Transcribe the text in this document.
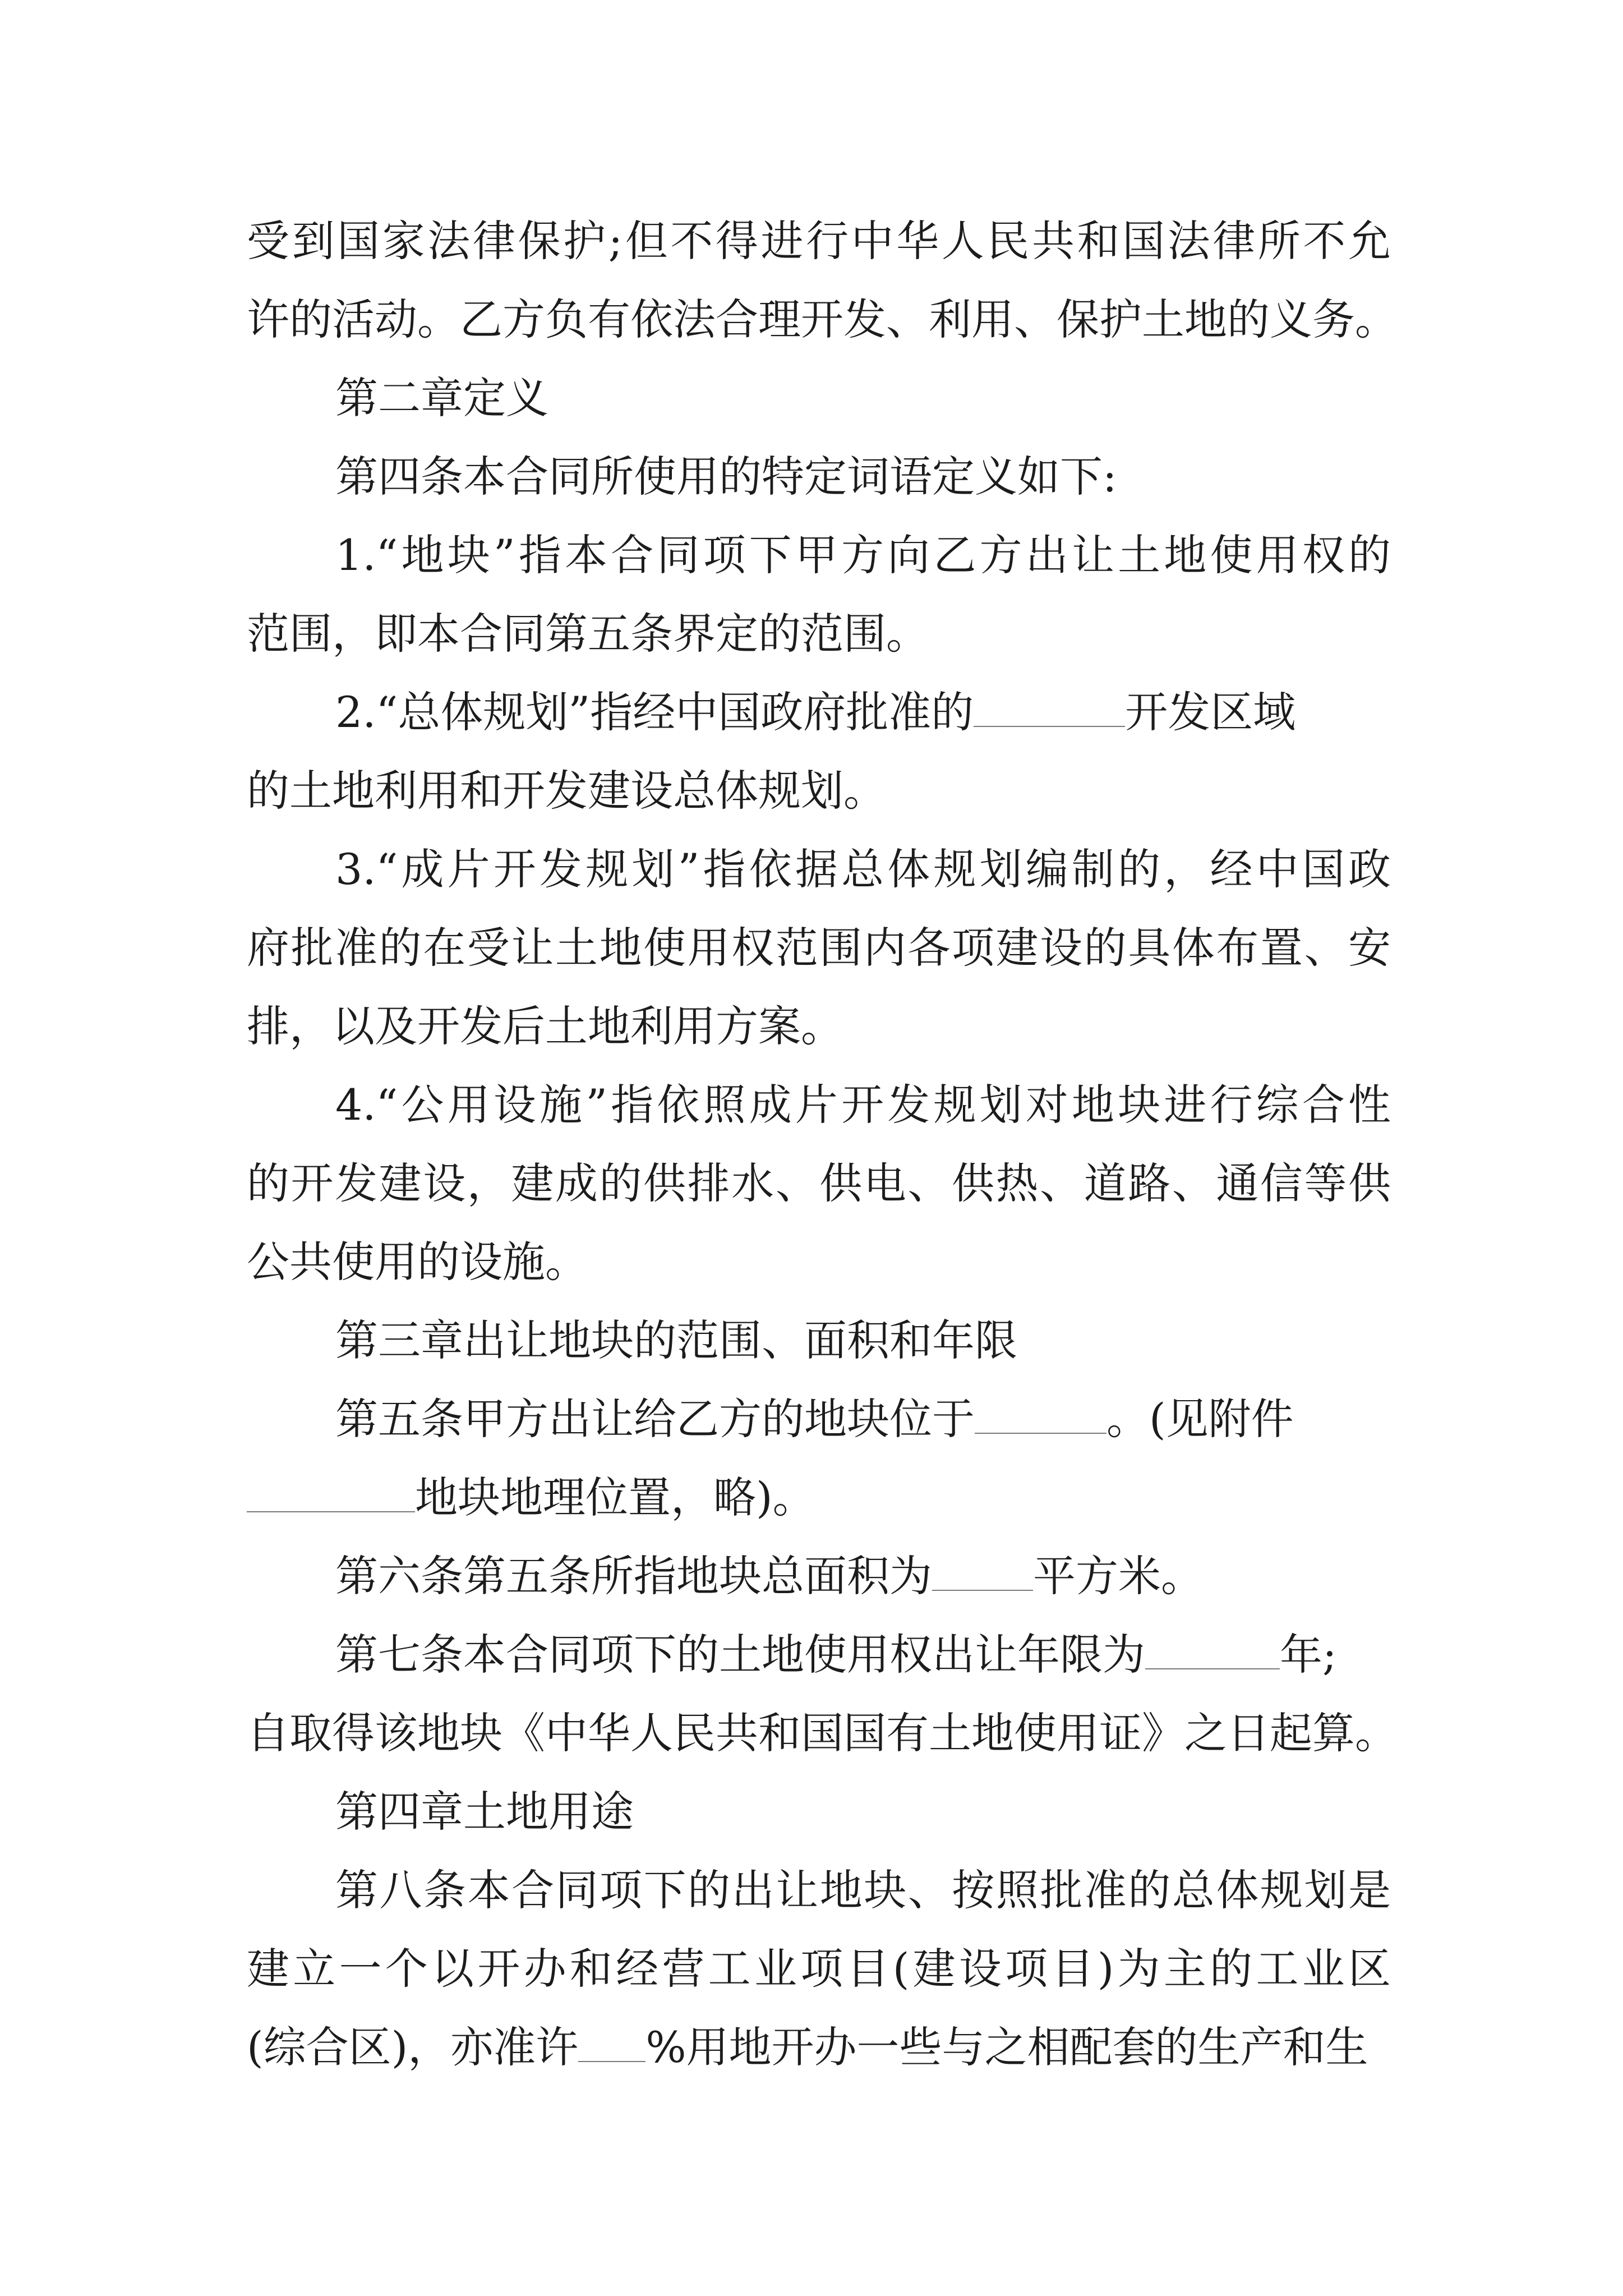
受到国家法律保护;但不得进行中华人民共和国法律所不允
许的活动。乙方负有依法合理开发、利用、保护土地的义务。
第二章定义
第四条本合同所使用的特定词语定义如下:
1.“地块”指本合同项下甲方向乙方出让土地使用权的
范围，即本合同第五条界定的范围。
2.“总体规划”指经中国政府批准的	开发区域
的土地利用和开发建设总体规划。
3.“成片开发规划”指依据总体规划编制的，经中国政
府批准的在受让土地使用权范围内各项建设的具体布置、安
排，以及开发后土地利用方案。
4.“公用设施”指依照成片开发规划对地块进行综合性
的开发建设，建成的供排水、供电、供热、道路、通信等供
公共使用的设施。
第三章出让地块的范围、面积和年限
第五条甲方出让给乙方的地块位于	。(见附件
地块地理位置，略)。
第六条第五条所指地块总面积为 平方米。
第七条本合同项下的土地使用权出让年限为	年;
自取得该地块《中华人民共和国国有土地使用证》之日起算。
第四章土地用途
第八条本合同项下的出让地块、按照批准的总体规划是
建立一个以开办和经营工业项目(建设项目)为主的工业区
(综合区)，亦准许 %用地开办一些与之相配套的生产和生
